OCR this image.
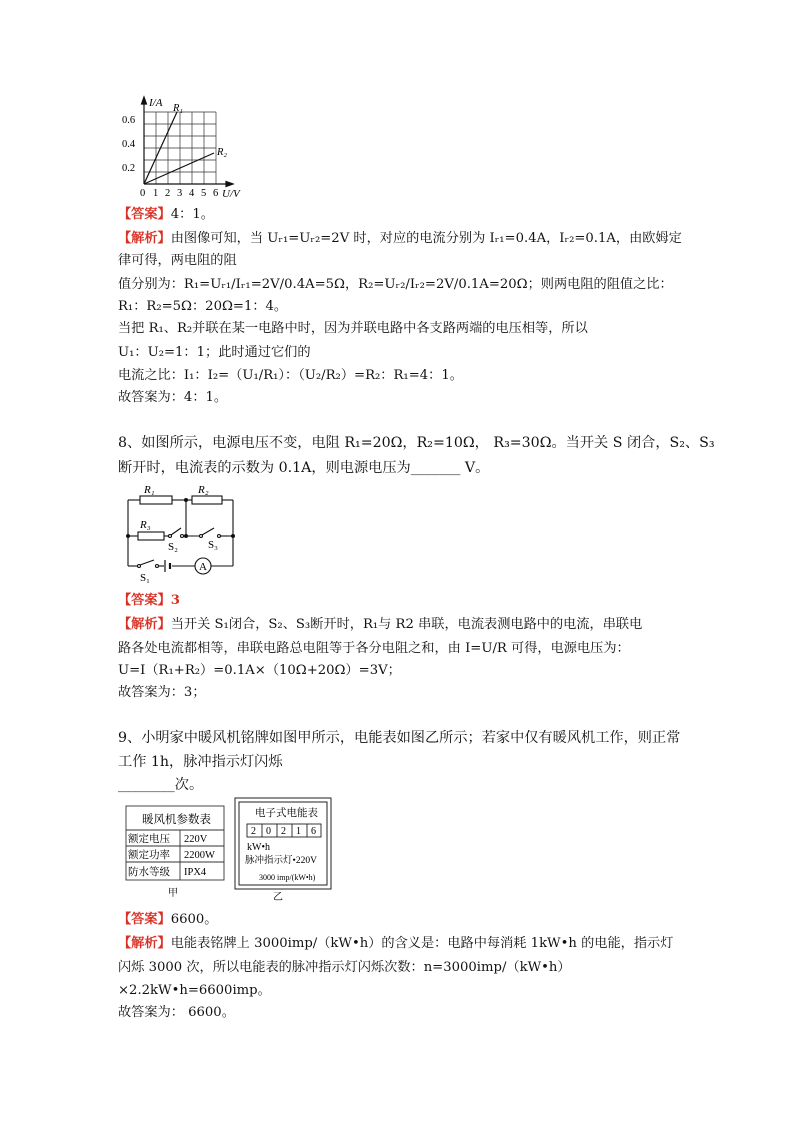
I/A R₁
R₂
0.6
0.4
0.2
0 1 2 3 4 5 6 U/V
【答案】4：1。
【解析】由图像可知，当 Uᵣ₁=Uᵣ₂=2V 时，对应的电流分别为 Iᵣ₁=0.4A，Iᵣ₂=0.1A，由欧姆定
律可得，两电阻的阻
值分别为：R₁=Uᵣ₁/Iᵣ₁=2V/0.4A=5Ω，R₂=Uᵣ₂/Iᵣ₂=2V/0.1A=20Ω；则两电阻的阻值之比：
R₁：R₂=5Ω：20Ω=1：4。
当把 R₁、R₂并联在某一电路中时，因为并联电路中各支路两端的电压相等，所以
U₁：U₂=1：1；此时通过它们的
电流之比：I₁：I₂=（U₁/R₁）：（U₂/R₂）=R₂：R₁=4：1。
故答案为：4：1。
8、如图所示，电源电压不变，电阻 R₁=20Ω，R₂=10Ω， R₃=30Ω。当开关 S 闭合，S₂、S₃
断开时，电流表的示数为 0.1A，则电源电压为_______ V。
A
R₁	R₂
R₃
S₂	S₃
S₁
【答案】3
【解析】当开关 S₁闭合，S₂、S₃断开时，R₁与 R2 串联，电流表测电路中的电流，串联电
路各处电流都相等，串联电路总电阻等于各分电阻之和，由 I=U/R 可得，电源电压为：
U=I（R₁+R₂）=0.1A×（10Ω+20Ω）=3V；
故答案为：3；
9、小明家中暖风机铭牌如图甲所示，电能表如图乙所示；若家中仅有暖风机工作，则正常
工作 1h，脉冲指示灯闪烁
________次。
暖风机参数表
额定电压 220V
额定功率 2200W
防水等级 IPX4
甲
电子式电能表
2 0 2 1 6
kW•h
脉冲指示灯•220V
3000 imp/(kW•h)
乙
【答案】6600。
【解析】电能表铭牌上 3000imp/（kW•h）的含义是：电路中每消耗 1kW•h 的电能，指示灯
闪烁 3000 次，所以电能表的脉冲指示灯闪烁次数：n=3000imp/（kW•h）
×2.2kW•h=6600imp。
故答案为： 6600。
